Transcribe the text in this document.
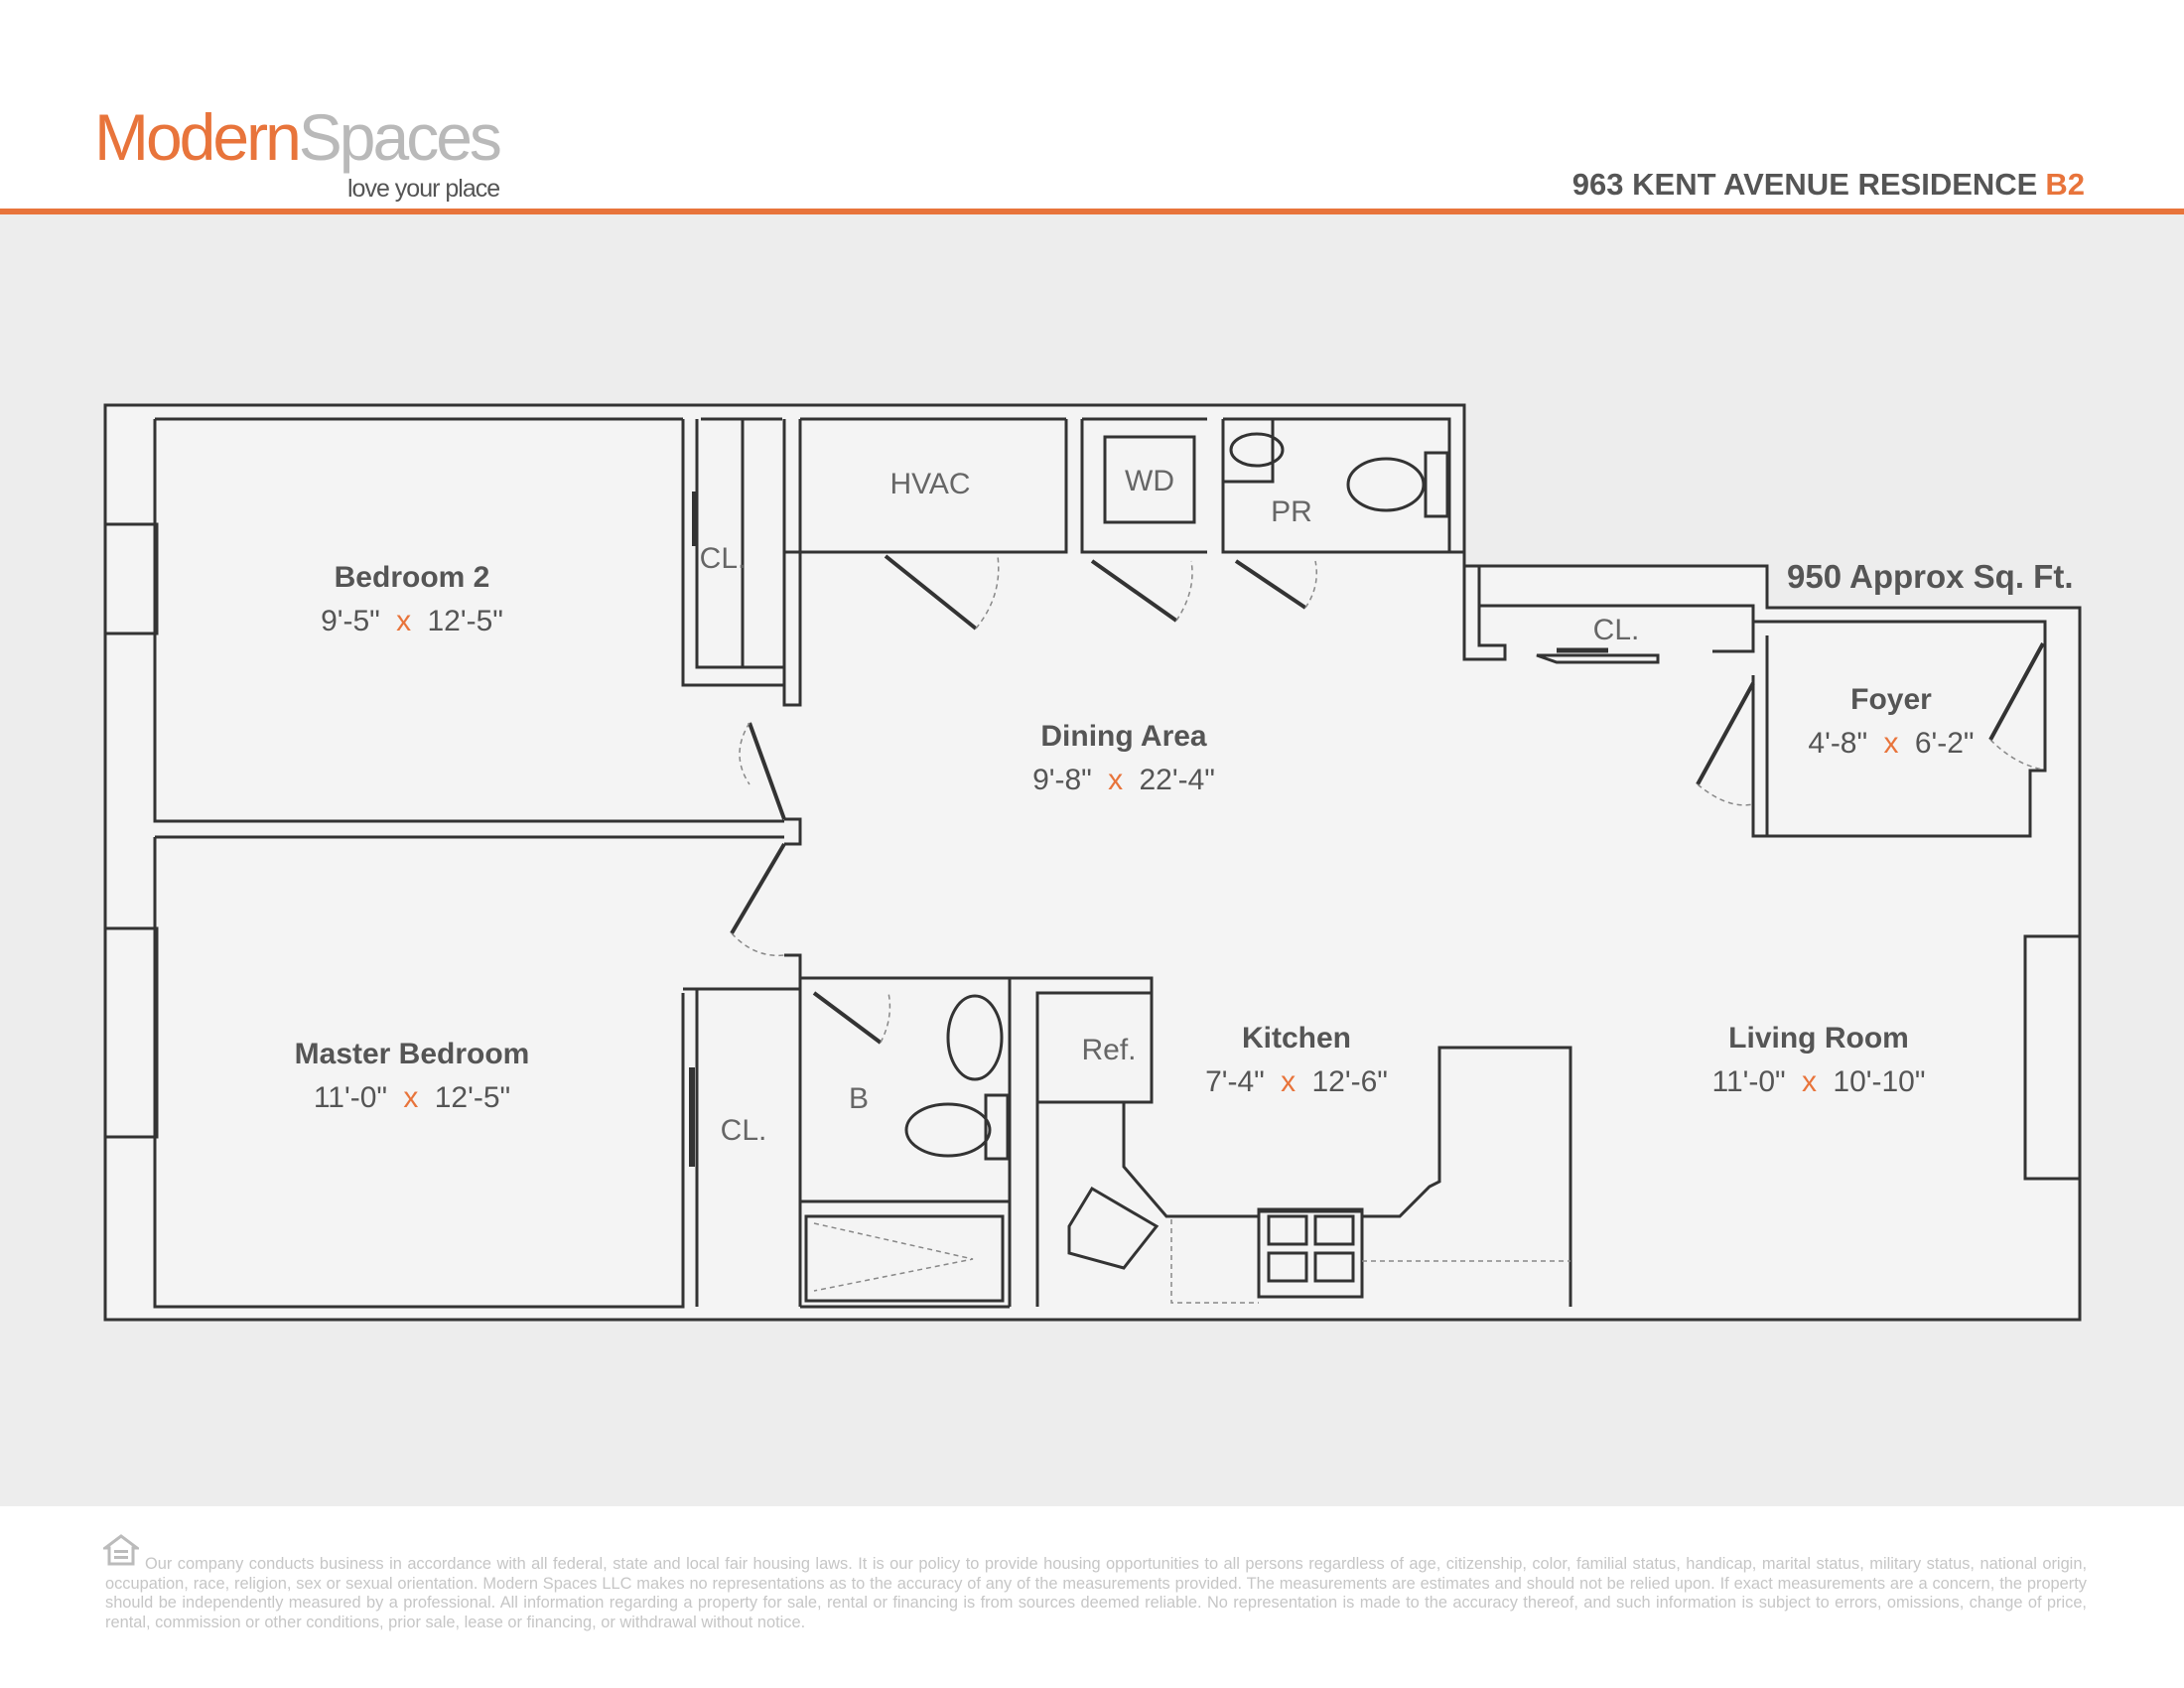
ModernSpaces
love your place	963 KENT AVENUE RESIDENCE B2
950 Approx Sq. Ft.
Bedroom 2
9'-5" x 12'-5"
Master Bedroom
11'-0" x 12'-5"
Dining Area
9'-8" x 22'-4"
Kitchen
7'-4" x 12'-6"
Living Room
11'-0" x 10'-10"
Foyer
4'-8" x 6'-2"
HVAC	WD
PR
CL.
CL.
CL.
B
Ref.
Our company conducts business in accordance with all federal, state and local fair housing laws. It is our policy to provide housing opportunities to all persons regardless of age, citizenship, color, familial status, handicap, marital status, military status, national origin, occupation, race, religion, sex or sexual orientation. Modern Spaces LLC makes no representations as to the accuracy of any of the measurements provided. The measurements are estimates and should not be relied upon. If exact measurements are a concern, the property should be independently measured by a professional. All information regarding a property for sale, rental or financing is from sources deemed reliable. No representation is made to the accuracy thereof, and such information is subject to errors, omissions, change of price, rental, commission or other conditions, prior sale, lease or financing, or withdrawal without notice.
